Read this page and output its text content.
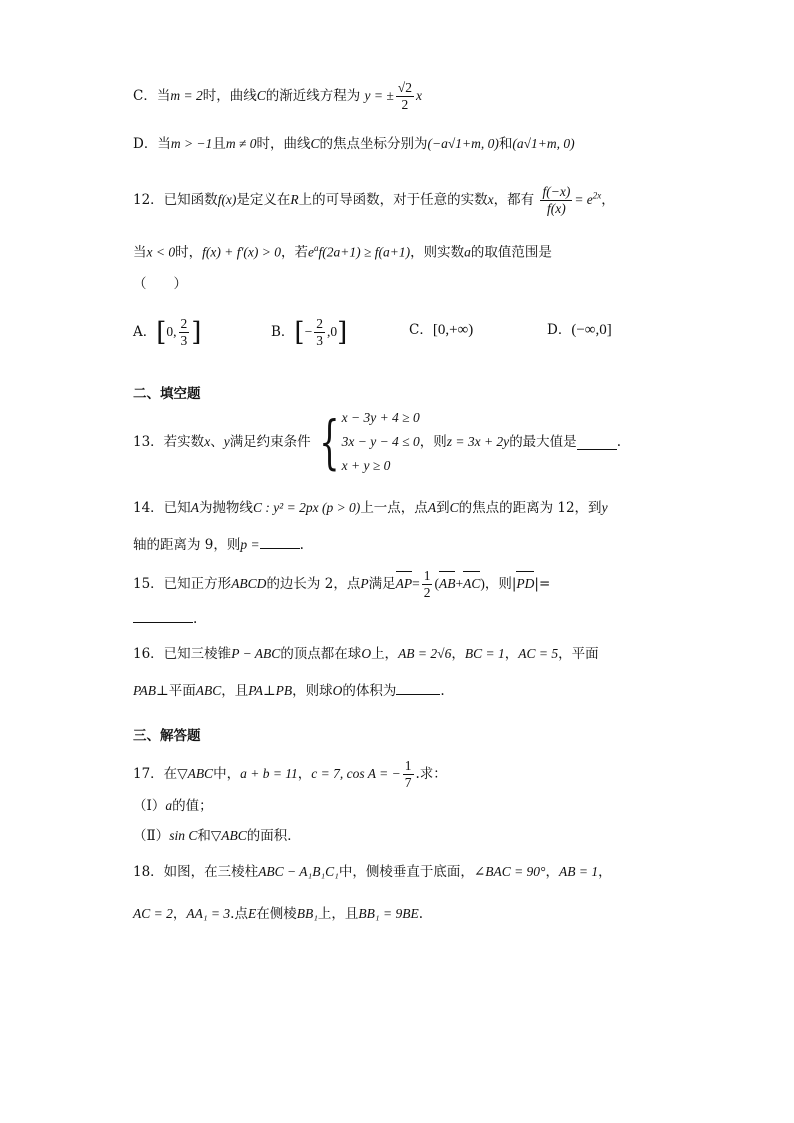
C．当m = 2时，曲线C的渐近线方程为 y = ± $\frac{√2}{2}$ x
D．当m > −1且m ≠ 0时，曲线C的焦点坐标分别为(−a√1+m, 0)和(a√1+m, 0)
12．已知函数f(x)是定义在R上的可导函数，对于任意的实数x，都有 $\frac{f(-x)}{f(x)} = e^{2x}$，
当x < 0时，f(x) + f′(x) > 0，若$e^af(2a+1) \ge f(a+1)$，则实数a的取值范围是
（　　）
A．[0, $\frac{2}{3}$ ]	B．[− $\frac{2}{3} ,0$]	C．[0,+∞)	D．(−∞,0]
二、填空题
13．若实数x、y满足约束条件 { x − 3y + 4 ≥ 0
3x − y − 4 ≤ 0
x + y ≥ 0
，则z = 3x + 2y的最大值是	.
14．已知A为抛物线C : y² = 2px (p > 0)上一点，点A到C的焦点的距离为 12，到y
轴的距离为 9，则p =	.
15．已知正方形ABCD的边长为 2，点P满足$AP= \frac{1}{2} (AB+AC)$，则|PD|=
.
16．已知三棱锥P − ABC的顶点都在球O上，AB = 2√6，BC = 1，AC = 5，平面
PAB⊥平面ABC，且PA⊥PB，则球O的体积为	.
三、解答题
17．在▽ABC中，a + b = 11，c = 7, cos A = − $\frac{1}{7}$ .求：
（Ⅰ）a的值；
（Ⅱ）sin C和▽ABC的面积．
18．如图，在三棱柱ABC − A₁B₁C₁中，侧棱垂直于底面，∠BAC = 90°，AB = 1，
AC = 2，AA₁ = 3.点E在侧棱BB₁上，且BB₁ = 9BE.
